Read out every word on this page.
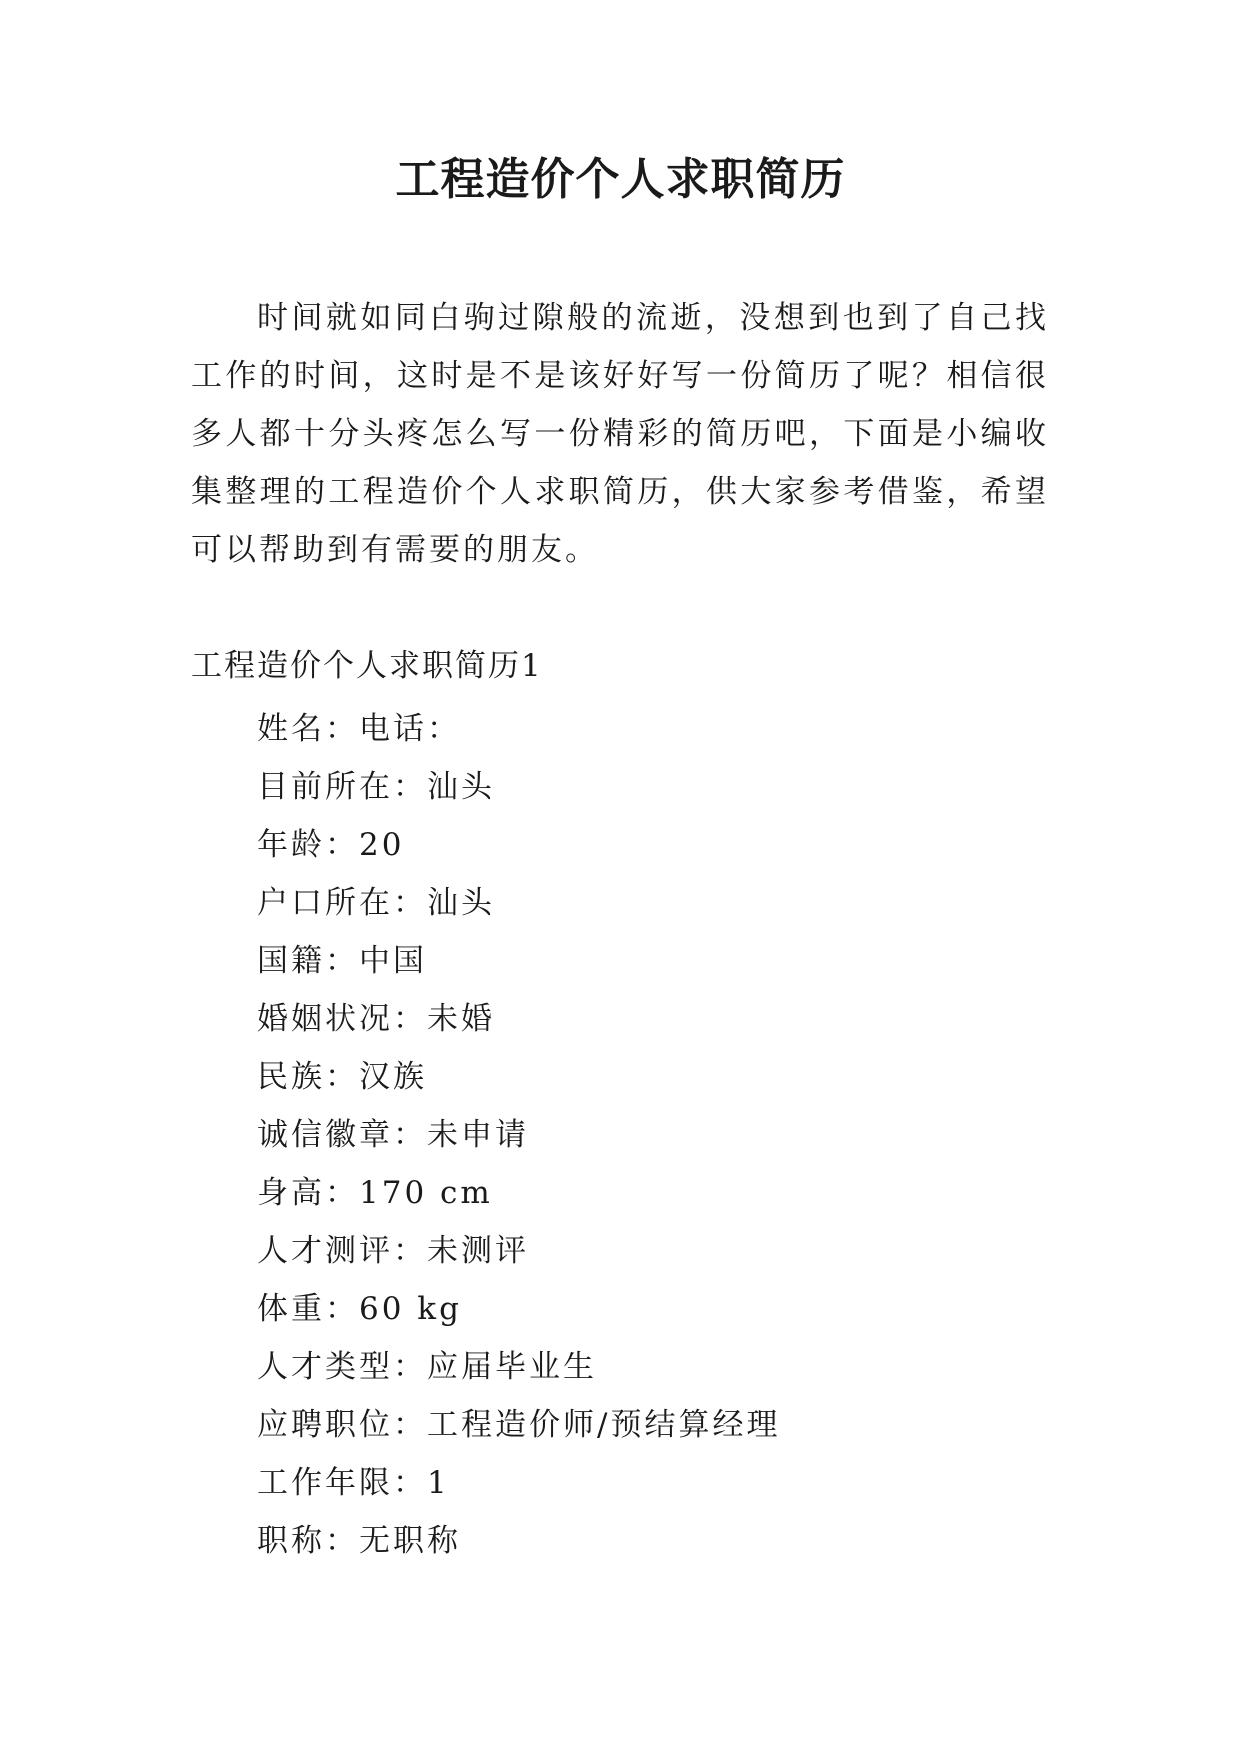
工程造价个人求职简历

时间就如同白驹过隙般的流逝，没想到也到了自己找工作的时间，这时是不是该好好写一份简历了呢？相信很多人都十分头疼怎么写一份精彩的简历吧，下面是小编收集整理的工程造价个人求职简历，供大家参考借鉴，希望可以帮助到有需要的朋友。

工程造价个人求职简历1
姓名：电话：
目前所在：汕头
年龄：20
户口所在：汕头
国籍：中国
婚姻状况：未婚
民族：汉族
诚信徽章：未申请
身高：170 cm
人才测评：未测评
体重：60 kg
人才类型：应届毕业生
应聘职位：工程造价师/预结算经理
工作年限：1
职称：无职称
